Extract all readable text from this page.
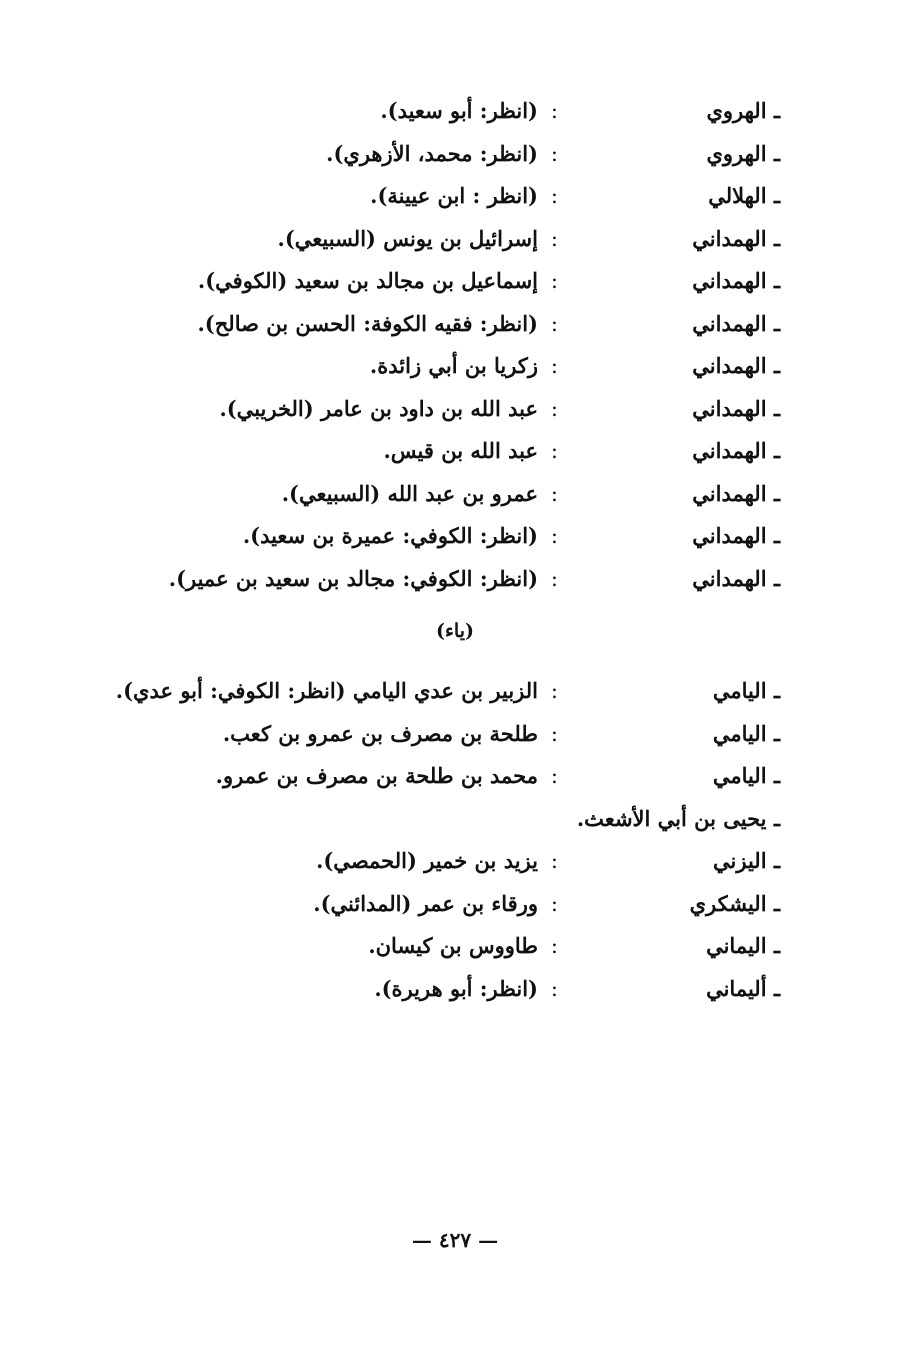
ـ الهروي
:
(انظر: أبو سعيد).
ـ الهروي
:
(انظر: محمد، الأزهري).
ـ الهلالي
:
(انظر : ابن عيينة).
ـ الهمداني
:
إسرائيل بن يونس (السبيعي).
ـ الهمداني
:
إسماعيل بن مجالد بن سعيد (الكوفي).
ـ الهمداني
:
(انظر: فقيه الكوفة: الحسن بن صالح).
ـ الهمداني
:
زكريا بن أبي زائدة.
ـ الهمداني
:
عبد الله بن داود بن عامر (الخريبي).
ـ الهمداني
:
عبد الله بن قيس.
ـ الهمداني
:
عمرو بن عبد الله (السبيعي).
ـ الهمداني
:
(انظر: الكوفي: عميرة بن سعيد).
ـ الهمداني
:
(انظر: الكوفي: مجالد بن سعيد بن عمير).
(ياء)
ـ اليامي
:
الزبير بن عدي اليامي (انظر: الكوفي: أبو عدي).
ـ اليامي
:
طلحة بن مصرف بن عمرو بن كعب.
ـ اليامي
:
محمد بن طلحة بن مصرف بن عمرو.
ـ يحيى بن أبي الأشعث.
ـ اليزني
:
يزيد بن خمير (الحمصي).
ـ اليشكري
:
ورقاء بن عمر (المدائني).
ـ اليماني
:
طاووس بن كيسان.
ـ أليماني
:
(انظر: أبو هريرة).
— ٤٢٧ —
